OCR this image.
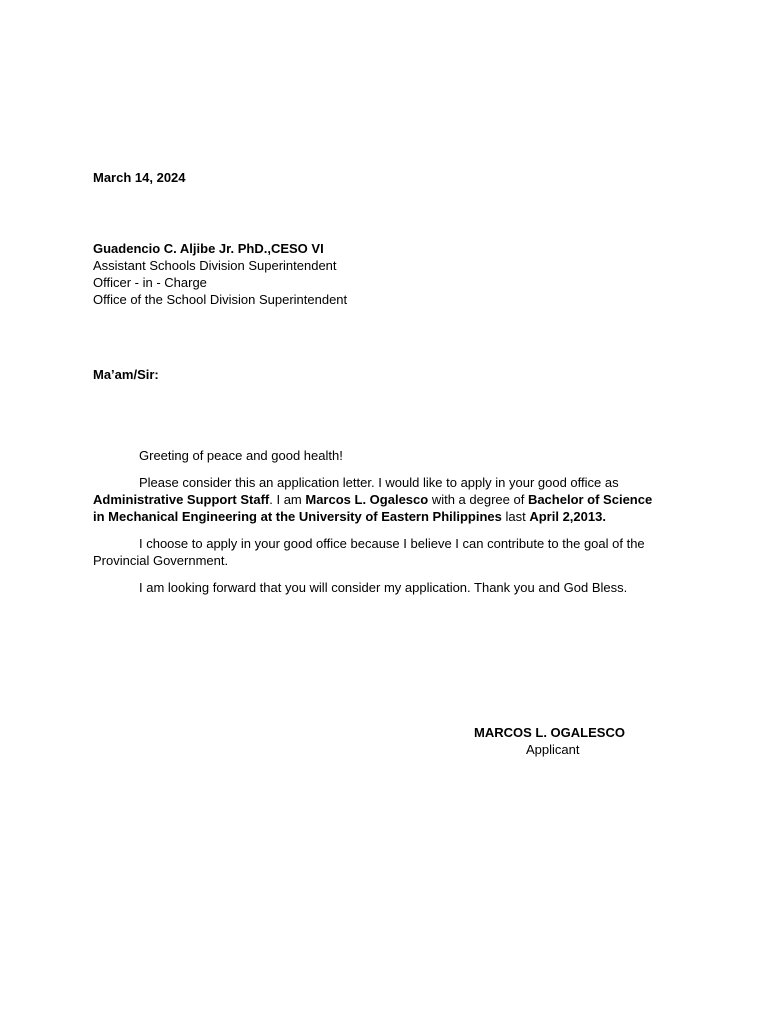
March 14, 2024
Guadencio C. Aljibe Jr. PhD.,CESO VI
Assistant Schools Division Superintendent
Officer - in - Charge
Office of the School Division Superintendent
Ma’am/Sir:

Greeting of peace and good health!

Please consider this an application letter. I would like to apply in your good office as Administrative Support Staff. I am Marcos L. Ogalesco with a degree of Bachelor of Science in Mechanical Engineering at the University of Eastern Philippines last April 2,2013.

I choose to apply in your good office because I believe I can contribute to the goal of the Provincial Government.

I am looking forward that you will consider my application. Thank you and God Bless.

MARCOS L. OGALESCO
Applicant
